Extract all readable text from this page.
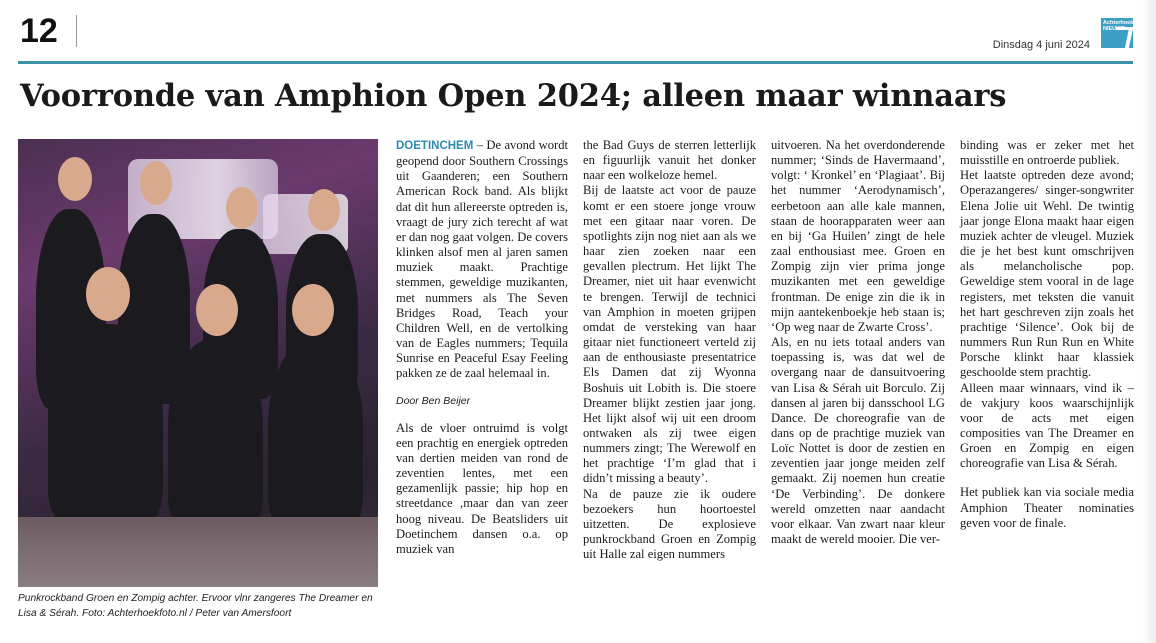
12	Dinsdag 4 juni 2024
Achterhoek
NIEUWS
Voorronde van Amphion Open 2024; alleen maar winnaars

Punkrockband Groen en Zompig achter. Ervoor vlnr zangeres The Dreamer en Lisa & Sérah. Foto: Achterhoekfoto.nl / Peter van Amersfoort

DOETINCHEM – De avond wordt geopend door Southern Crossings uit Gaanderen; een Southern American Rock band. Als blijkt dat dit hun allereerste optreden is, vraagt de jury zich terecht af wat er dan nog gaat volgen. De covers klinken alsof men al jaren samen muziek maakt. Prachtige stemmen, geweldige muzikanten, met nummers als The Seven Bridges Road, Teach your Children Well, en de vertolking van de Eagles nummers; Tequila Sunrise en Peaceful Esay Feeling pakken ze de zaal helemaal in.

Door Ben Beijer

Als de vloer ontruimd is volgt een prachtig en energiek optreden van dertien meiden van rond de zeventien lentes, met een gezamenlijk passie; hip hop en streetdance ,maar dan van zeer hoog niveau. De Beatsliders uit Doetinchem dansen o.a. op muziek van

the Bad Guys de sterren letterlijk en figuurlijk vanuit het donker naar een wolkeloze hemel.

Bij de laatste act voor de pauze komt er een stoere jonge vrouw met een gitaar naar voren. De spotlights zijn nog niet aan als we haar zien zoeken naar een gevallen plectrum. Het lijkt The Dreamer, niet uit haar evenwicht te brengen. Terwijl de technici van Amphion in moeten grijpen omdat de versteking van haar gitaar niet functioneert verteld zij aan de enthousiaste presentatrice Els Damen dat zij Wyonna Boshuis uit Lobith is. Die stoere Dreamer blijkt zestien jaar jong. Het lijkt alsof wij uit een droom ontwaken als zij twee eigen nummers zingt; The Werewolf en het prachtige ‘I’m glad that i didn’t missing a beauty’.

Na de pauze zie ik oudere bezoekers hun hoortoestel uitzetten. De explosieve punkrockband Groen en Zompig uit Halle zal eigen nummers

uitvoeren. Na het overdonderende nummer; ‘Sinds de Havermaand’, volgt: ‘ Kronkel’ en ‘Plagiaat’. Bij het nummer ‘Aerodynamisch’, eerbetoon aan alle kale mannen, staan de hoorapparaten weer aan en bij ‘Ga Huilen’ zingt de hele zaal enthousiast mee. Groen en Zompig zijn vier prima jonge muzikanten met een geweldige frontman. De enige zin die ik in mijn aantekenboekje heb staan is; ‘Op weg naar de Zwarte Cross’.

Als, en nu iets totaal anders van toepassing is, was dat wel de overgang naar de dansuitvoering van Lisa & Sérah uit Borculo. Zij dansen al jaren bij dansschool LG Dance. De choreografie van de dans op de prachtige muziek van Loïc Nottet is door de zestien en zeventien jaar jonge meiden zelf gemaakt. Zij noemen hun creatie ‘De Verbinding’. De donkere wereld omzetten naar aandacht voor elkaar. Van zwart naar kleur maakt de wereld mooier. Die ver-

binding was er zeker met het muisstille en ontroerde publiek.

Het laatste optreden deze avond; Operazangeres/ singer-songwriter Elena Jolie uit Wehl. De twintig jaar jonge Elona maakt haar eigen muziek achter de vleugel. Muziek die je het best kunt omschrijven als melancholische pop. Geweldige stem vooral in de lage registers, met teksten die vanuit het hart geschreven zijn zoals het prachtige ‘Silence’. Ook bij de nummers Run Run Run en White Porsche klinkt haar klassiek geschoolde stem prachtig.

Alleen maar winnaars, vind ik – de vakjury koos waarschijnlijk voor de acts met eigen composities van The Dreamer en Groen en Zompig en eigen choreografie van Lisa & Sérah.

Het publiek kan via sociale media Amphion Theater nominaties geven voor de finale.
